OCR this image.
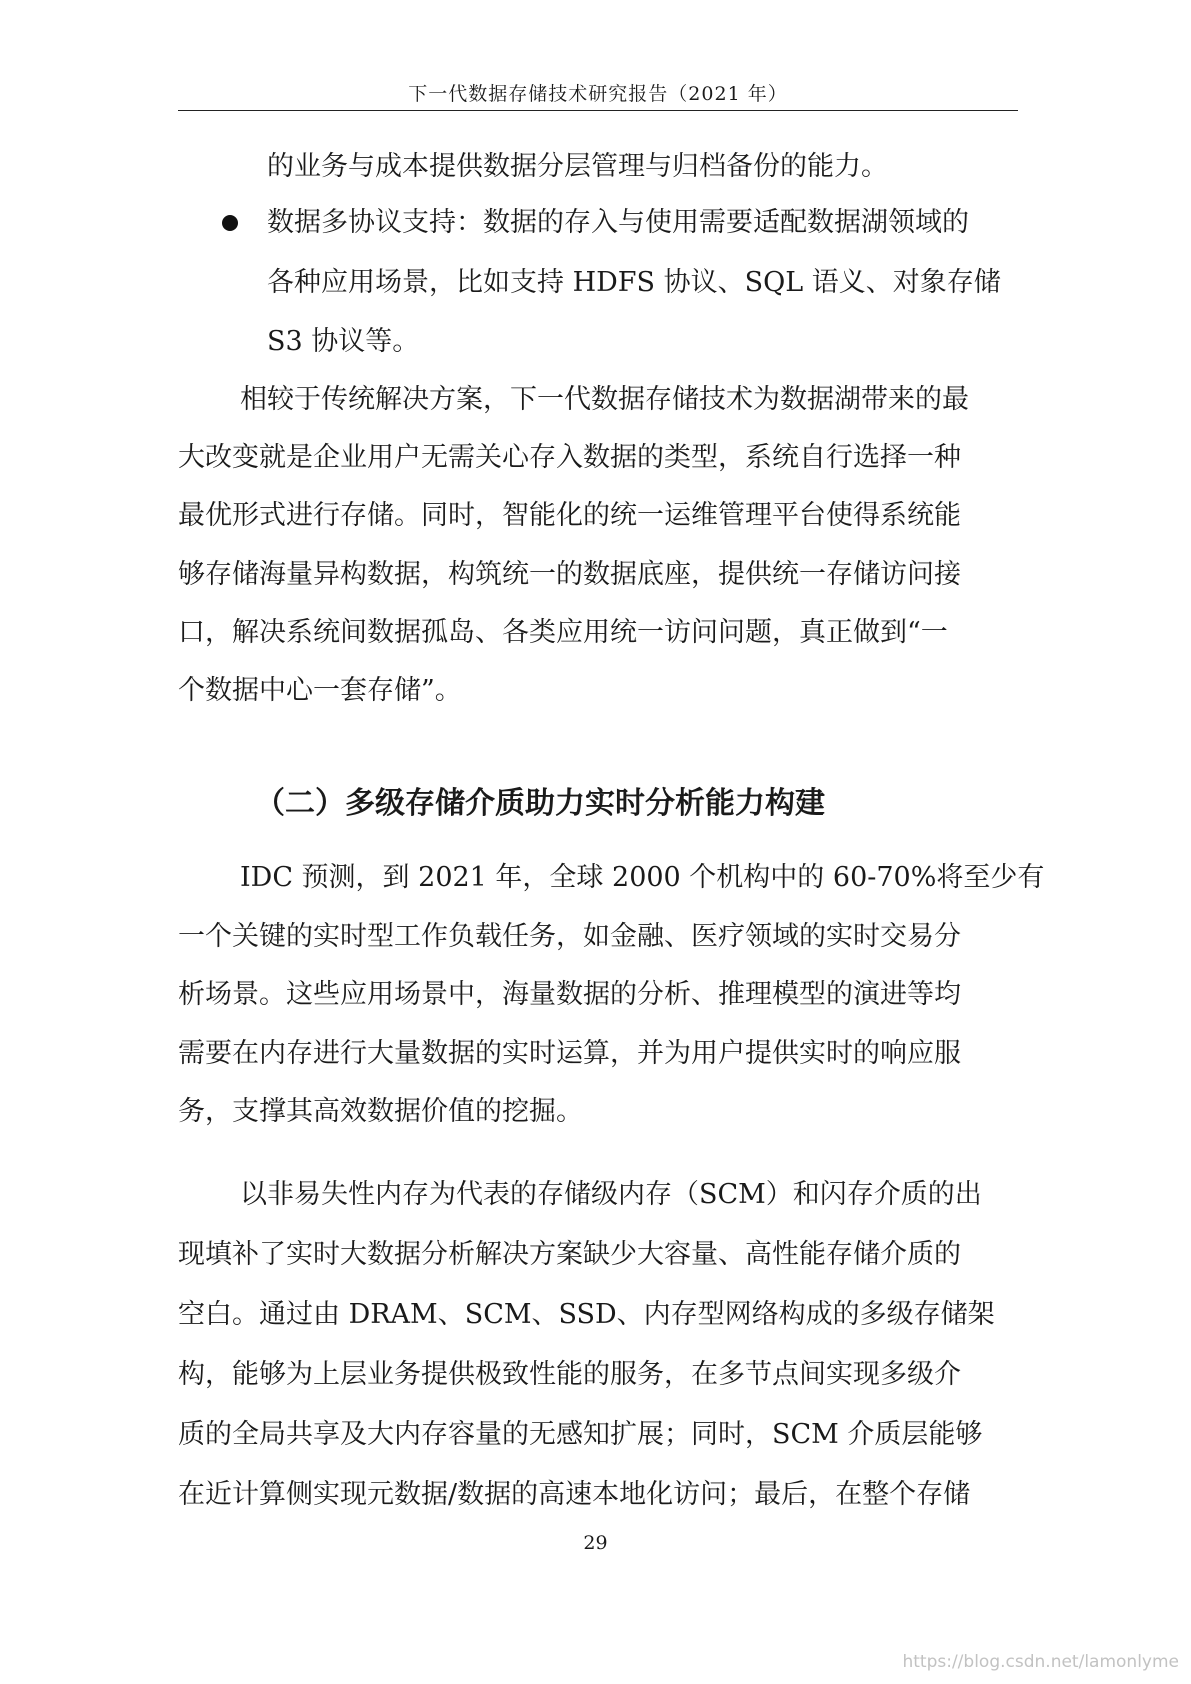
下一代数据存储技术研究报告（2021 年）

的业务与成本提供数据分层管理与归档备份的能力。

数据多协议支持：数据的存入与使用需要适配数据湖领域的

各种应用场景，比如支持 HDFS 协议、SQL 语义、对象存储

S3 协议等。

相较于传统解决方案，下一代数据存储技术为数据湖带来的最

大改变就是企业用户无需关心存入数据的类型，系统自行选择一种

最优形式进行存储。同时，智能化的统一运维管理平台使得系统能

够存储海量异构数据，构筑统一的数据底座，提供统一存储访问接

口，解决系统间数据孤岛、各类应用统一访问问题，真正做到“一

个数据中心一套存储”。

（二）多级存储介质助力实时分析能力构建

IDC 预测，到 2021 年，全球 2000 个机构中的 60-70%将至少有

一个关键的实时型工作负载任务，如金融、医疗领域的实时交易分

析场景。这些应用场景中，海量数据的分析、推理模型的演进等均

需要在内存进行大量数据的实时运算，并为用户提供实时的响应服

务，支撑其高效数据价值的挖掘。

以非易失性内存为代表的存储级内存（SCM）和闪存介质的出

现填补了实时大数据分析解决方案缺少大容量、高性能存储介质的

空白。通过由 DRAM、SCM、SSD、内存型网络构成的多级存储架

构，能够为上层业务提供极致性能的服务，在多节点间实现多级介

质的全局共享及大内存容量的无感知扩展；同时，SCM 介质层能够

在近计算侧实现元数据/数据的高速本地化访问；最后，在整个存储

29
https://blog.csdn.net/lamonlyme
